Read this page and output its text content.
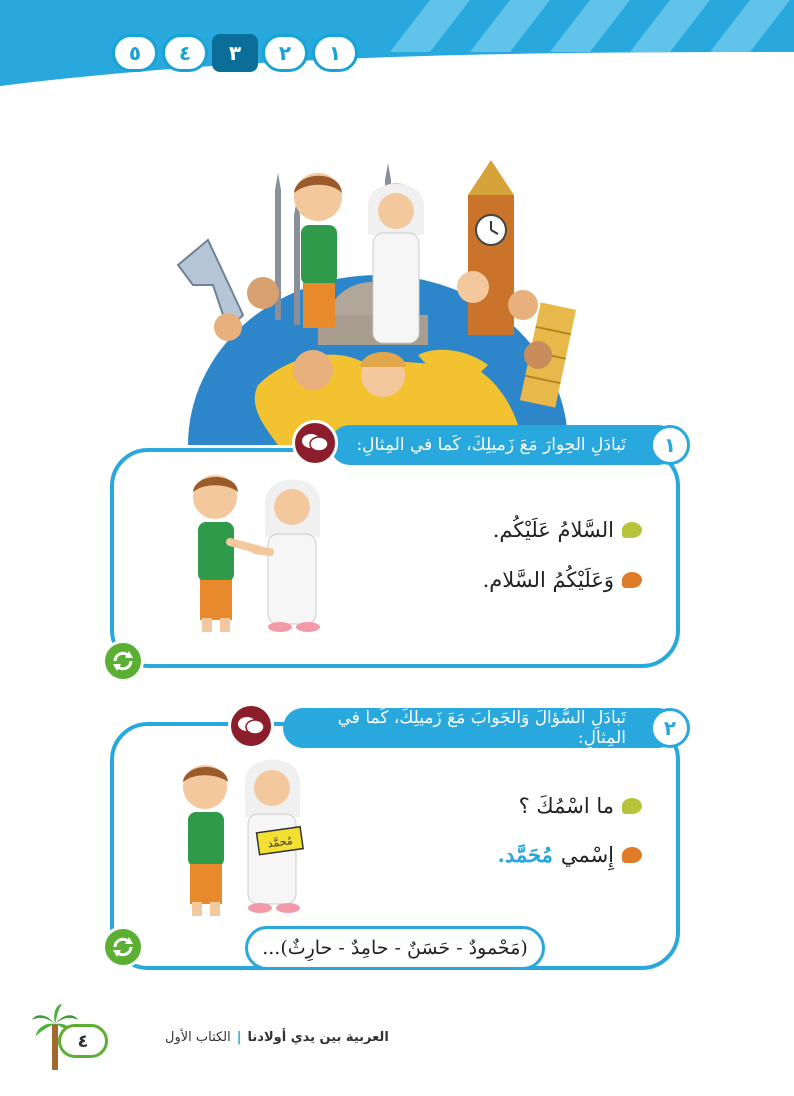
١
٢
٣
٤
٥
تَبادَلِ الحِوارَ مَعَ زَميلِكَ، كَما في المِثالِ:	١
السَّلامُ عَلَيْكُم.
وَعَلَيْكُمُ السَّلام.
تَبادَلِ السُّؤالَ وَالجَوابَ مَعَ زَميلِكَ، كَما في المِثالِ:	٢
مُحمَّد
ما اسْمُكَ ؟
إِسْمي
مُحَمَّد.
(مَحْمودٌ - حَسَنٌ - حامِدٌ - حارِثٌ)...
٤	العربية بين يدي أولادنا
|
الكتاب الأول
